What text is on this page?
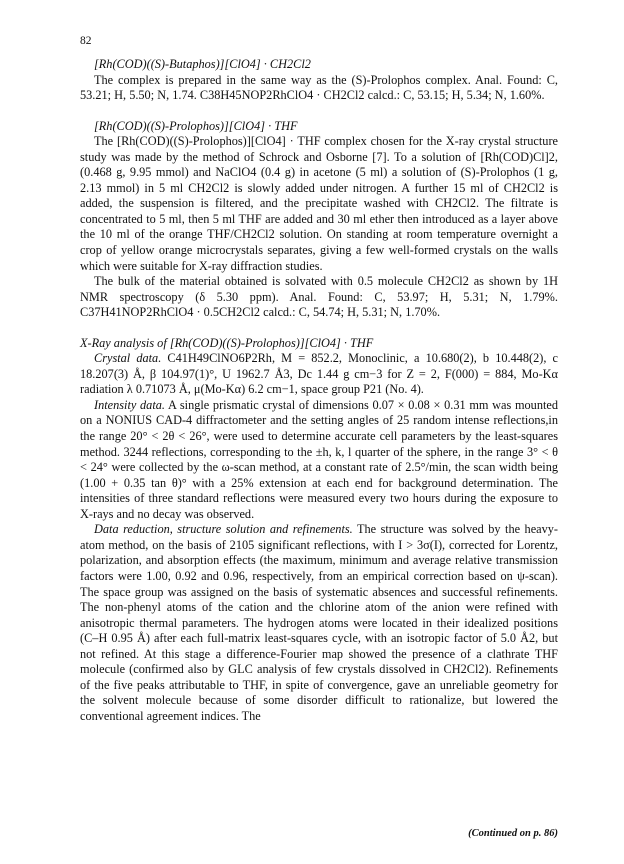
82

[Rh(COD)((S)-Butaphos)][ClO4] · CH2Cl2

The complex is prepared in the same way as the (S)-Prolophos complex. Anal. Found: C, 53.21; H, 5.50; N, 1.74. C38H45NOP2RhClO4 · CH2Cl2 calcd.: C, 53.15; H, 5.34; N, 1.60%.

[Rh(COD)((S)-Prolophos)][ClO4] · THF

The [Rh(COD)((S)-Prolophos)][ClO4] · THF complex chosen for the X-ray crystal structure study was made by the method of Schrock and Osborne [7]. To a solution of [Rh(COD)Cl]2, (0.468 g, 9.95 mmol) and NaClO4 (0.4 g) in acetone (5 ml) a solution of (S)-Prolophos (1 g, 2.13 mmol) in 5 ml CH2Cl2 is slowly added under nitrogen. A further 15 ml of CH2Cl2 is added, the suspension is filtered, and the precipitate washed with CH2Cl2. The filtrate is concentrated to 5 ml, then 5 ml THF are added and 30 ml ether then introduced as a layer above the 10 ml of the orange THF/CH2Cl2 solution. On standing at room temperature overnight a crop of yellow orange microcrystals separates, giving a few well-formed crystals on the walls which were suitable for X-ray diffraction studies.

The bulk of the material obtained is solvated with 0.5 molecule CH2Cl2 as shown by 1H NMR spectroscopy (δ 5.30 ppm). Anal. Found: C, 53.97; H, 5.31; N, 1.79%. C37H41NOP2RhClO4 · 0.5CH2Cl2 calcd.: C, 54.74; H, 5.31; N, 1.70%.

X-Ray analysis of [Rh(COD)((S)-Prolophos)][ClO4] · THF

Crystal data. C41H49ClNO6P2Rh, M = 852.2, Monoclinic, a 10.680(2), b 10.448(2), c 18.207(3) Å, β 104.97(1)°, U 1962.7 Å3, Dc 1.44 g cm−3 for Z = 2, F(000) = 884, Mo-Kα radiation λ 0.71073 Å, μ(Mo-Kα) 6.2 cm−1, space group P21 (No. 4).

Intensity data. A single prismatic crystal of dimensions 0.07 × 0.08 × 0.31 mm was mounted on a NONIUS CAD-4 diffractometer and the setting angles of 25 random intense reflections,in the range 20° < 2θ < 26°, were used to determine accurate cell parameters by the least-squares method. 3244 reflections, corresponding to the ±h, k, l quarter of the sphere, in the range 3° < θ < 24° were collected by the ω-scan method, at a constant rate of 2.5°/min, the scan width being (1.00 + 0.35 tan θ)° with a 25% extension at each end for background determination. The intensities of three standard reflections were measured every two hours during the exposure to X-rays and no decay was observed.

Data reduction, structure solution and refinements. The structure was solved by the heavy-atom method, on the basis of 2105 significant reflections, with I > 3σ(I), corrected for Lorentz, polarization, and absorption effects (the maximum, minimum and average relative transmission factors were 1.00, 0.92 and 0.96, respectively, from an empirical correction based on ψ-scan). The space group was assigned on the basis of systematic absences and successful refinements. The non-phenyl atoms of the cation and the chlorine atom of the anion were refined with anisotropic thermal parameters. The hydrogen atoms were located in their idealized positions (C–H 0.95 Å) after each full-matrix least-squares cycle, with an isotropic factor of 5.0 Å2, but not refined. At this stage a difference-Fourier map showed the presence of a clathrate THF molecule (confirmed also by GLC analysis of few crystals dissolved in CH2Cl2). Refinements of the five peaks attributable to THF, in spite of convergence, gave an unreliable geometry for the solvent molecule because of some disorder difficult to rationalize, but lowered the conventional agreement indices. The

(Continued on p. 86)
